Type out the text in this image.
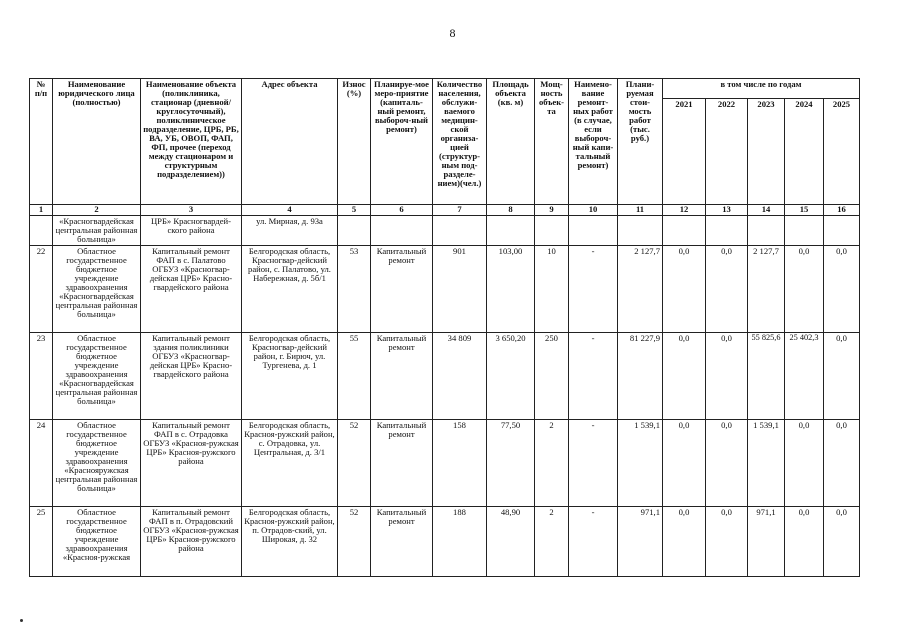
8
№ п/п	Наименование юридического лица (полностью)	Наименование объекта (поликлиника, стационар (дневной/ круглосуточный), поликлиническое подразделение, ЦРБ, РБ, ВА, УБ, ОВОП, ФАП, ФП, прочее (переход между стационаром и структурным подразделением))	Адрес объекта	Износ (%)	Планируе-мое меро-приятие (капиталь-ный ремонт, выбороч-ный ремонт)	Количество населения, обслужи-ваемого медицин-ской организа-цией (структур-ным под-разделе-нием)(чел.)	Площадь объекта (кв. м)	Мощ-ность объек-та	Наимено-вание ремонт-ных работ (в случае, если выбороч-ный капи-тальный ремонт)	Плани-руемая стои-мость работ (тыс. руб.)	в том числе по годам				
											2021	2022	2023	2024	2025
1	2	3	4	5	6	7	8	9	10	11	12	13	14	15	16
	«Красногвардейская центральная районная больница»	ЦРБ» Красногвардей-ского района	ул. Мирная, д. 93а												
22	Областное государственное бюджетное учреждение здравоохранения «Красногвардейская центральная районная больница»	Капитальный ремонт ФАП в с. Палатово ОГБУЗ «Красногвар-дейская ЦРБ» Красно-гвардейского района	Белгородская область, Красногвар-дейский район, с. Палатово, ул. Набережная, д. 5б/1	53	Капитальный ремонт	901	103,00	10	-	2 127,7	0,0	0,0	2 127,7	0,0	0,0
23	Областное государственное бюджетное учреждение здравоохранения «Красногвардейская центральная районная больница»	Капитальный ремонт здания поликлиники ОГБУЗ «Красногвар-дейская ЦРБ» Красно-гвардейского района	Белгородская область, Красногвар-дейский район, г. Бирюч, ул. Тургенева, д. 1	55	Капитальный ремонт	34 809	3 650,20	250	-	81 227,9	0,0	0,0	55 825,6	25 402,3	0,0
24	Областное государственное бюджетное учреждение здравоохранения «Краснояружская центральная районная больница»	Капитальный ремонт ФАП в с. Отрадовка ОГБУЗ «Красноя-ружская ЦРБ» Красноя-ружского района	Белгородская область, Красноя-ружский район, с. Отрадовка, ул. Центральная, д. 3/1	52	Капитальный ремонт	158	77,50	2	-	1 539,1	0,0	0,0	1 539,1	0,0	0,0
25	Областное государственное бюджетное учреждение здравоохранения «Красноя-ружская	Капитальный ремонт ФАП в п. Отрадовский ОГБУЗ «Красноя-ружская ЦРБ» Красноя-ружского района	Белгородская область, Красноя-ружский район, п. Отрадов-ский, ул. Широкая, д. 32	52	Капитальный ремонт	188	48,90	2	-	971,1	0,0	0,0	971,1	0,0	0,0
